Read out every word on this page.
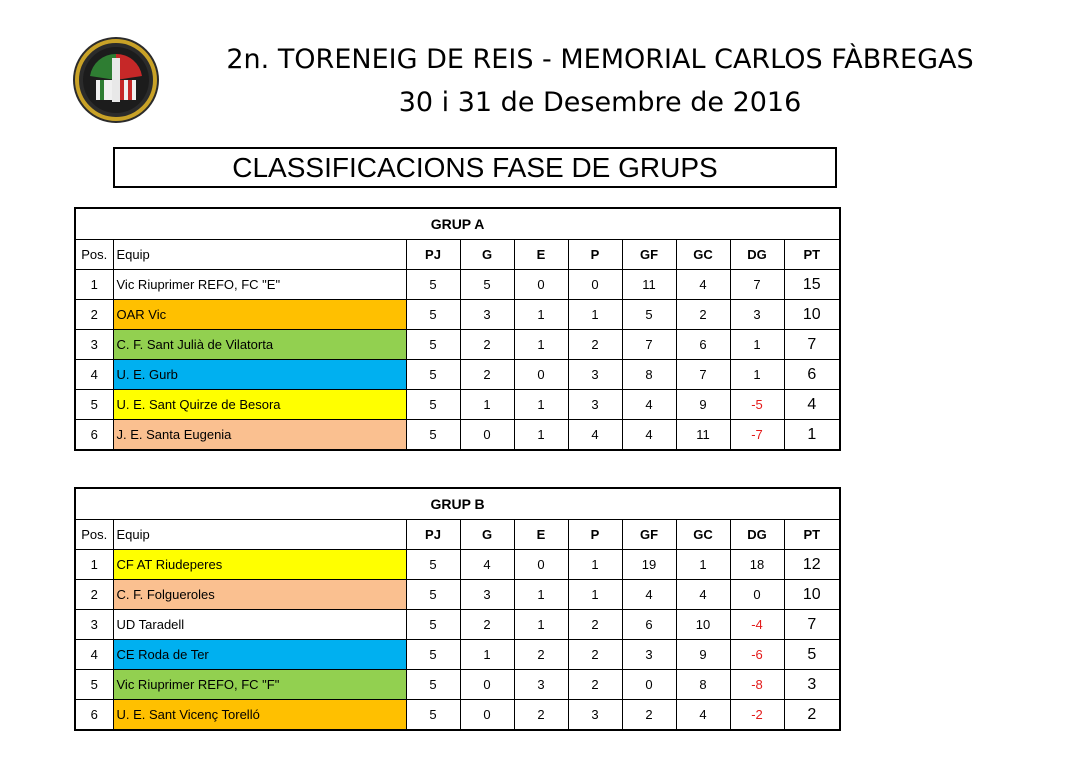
2n. TORENEIG DE REIS - MEMORIAL CARLOS FÀBREGAS
30 i 31 de Desembre de 2016
CLASSIFICACIONS FASE DE GRUPS
GRUP A									
Pos.	Equip	PJ	G	E	P	GF	GC	DG	PT
1	Vic Riuprimer REFO, FC "E"	5	5	0	0	11	4	7	15
2	OAR Vic	5	3	1	1	5	2	3	10
3	C. F. Sant Julià de Vilatorta	5	2	1	2	7	6	1	7
4	U. E. Gurb	5	2	0	3	8	7	1	6
5	U. E. Sant Quirze de Besora	5	1	1	3	4	9	-5	4
6	J. E. Santa Eugenia	5	0	1	4	4	11	-7	1
GRUP B									
Pos.	Equip	PJ	G	E	P	GF	GC	DG	PT
1	CF AT Riudeperes	5	4	0	1	19	1	18	12
2	C. F. Folgueroles	5	3	1	1	4	4	0	10
3	UD Taradell	5	2	1	2	6	10	-4	7
4	CE Roda de Ter	5	1	2	2	3	9	-6	5
5	Vic Riuprimer REFO, FC "F"	5	0	3	2	0	8	-8	3
6	U. E. Sant Vicenç Torelló	5	0	2	3	2	4	-2	2
